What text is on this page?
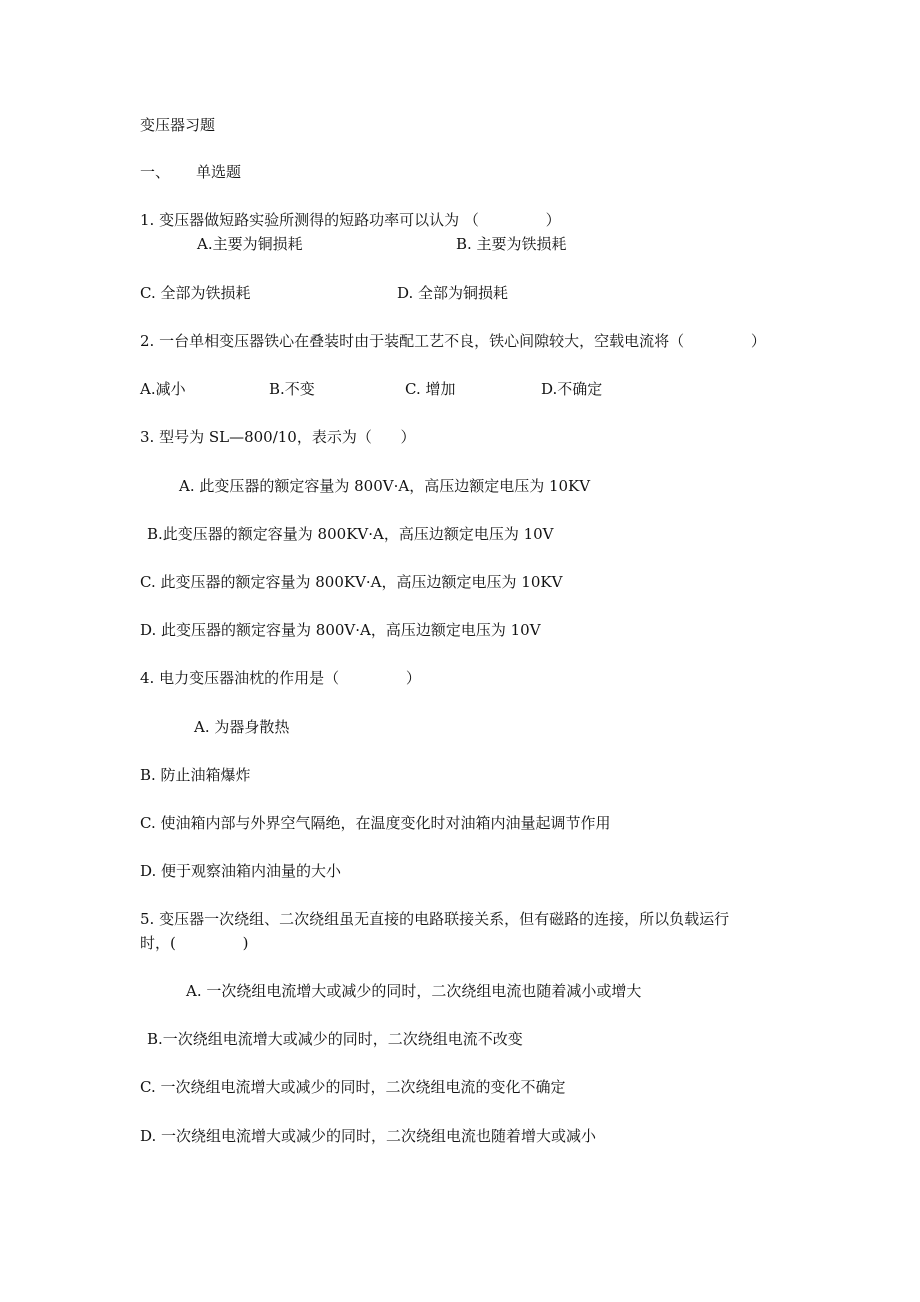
变压器习题
一、 单选题
1. 变压器做短路实验所测得的短路功率可以认为 （              ）
A.主要为铜损耗	B. 主要为铁损耗
C. 全部为铁损耗	D. 全部为铜损耗
2. 一台单相变压器铁心在叠装时由于装配工艺不良，铁心间隙较大，空载电流将（              ）
A.减小	B.不变	C. 增加	D.不确定
3. 型号为 SL—800/10，表示为（      ）
A. 此变压器的额定容量为 800V·A，高压边额定电压为 10KV
B.此变压器的额定容量为 800KV·A，高压边额定电压为 10V
C. 此变压器的额定容量为 800KV·A，高压边额定电压为 10KV
D. 此变压器的额定容量为 800V·A，高压边额定电压为 10V
4. 电力变压器油枕的作用是（              ）
A. 为器身散热
B. 防止油箱爆炸
C. 使油箱内部与外界空气隔绝，在温度变化时对油箱内油量起调节作用
D. 便于观察油箱内油量的大小
5. 变压器一次绕组、二次绕组虽无直接的电路联接关系，但有磁路的连接，所以负载运行
时，(              )
A. 一次绕组电流增大或减少的同时，二次绕组电流也随着减小或增大
B.一次绕组电流增大或减少的同时，二次绕组电流不改变
C. 一次绕组电流增大或减少的同时，二次绕组电流的变化不确定
D. 一次绕组电流增大或减少的同时，二次绕组电流也随着增大或减小
